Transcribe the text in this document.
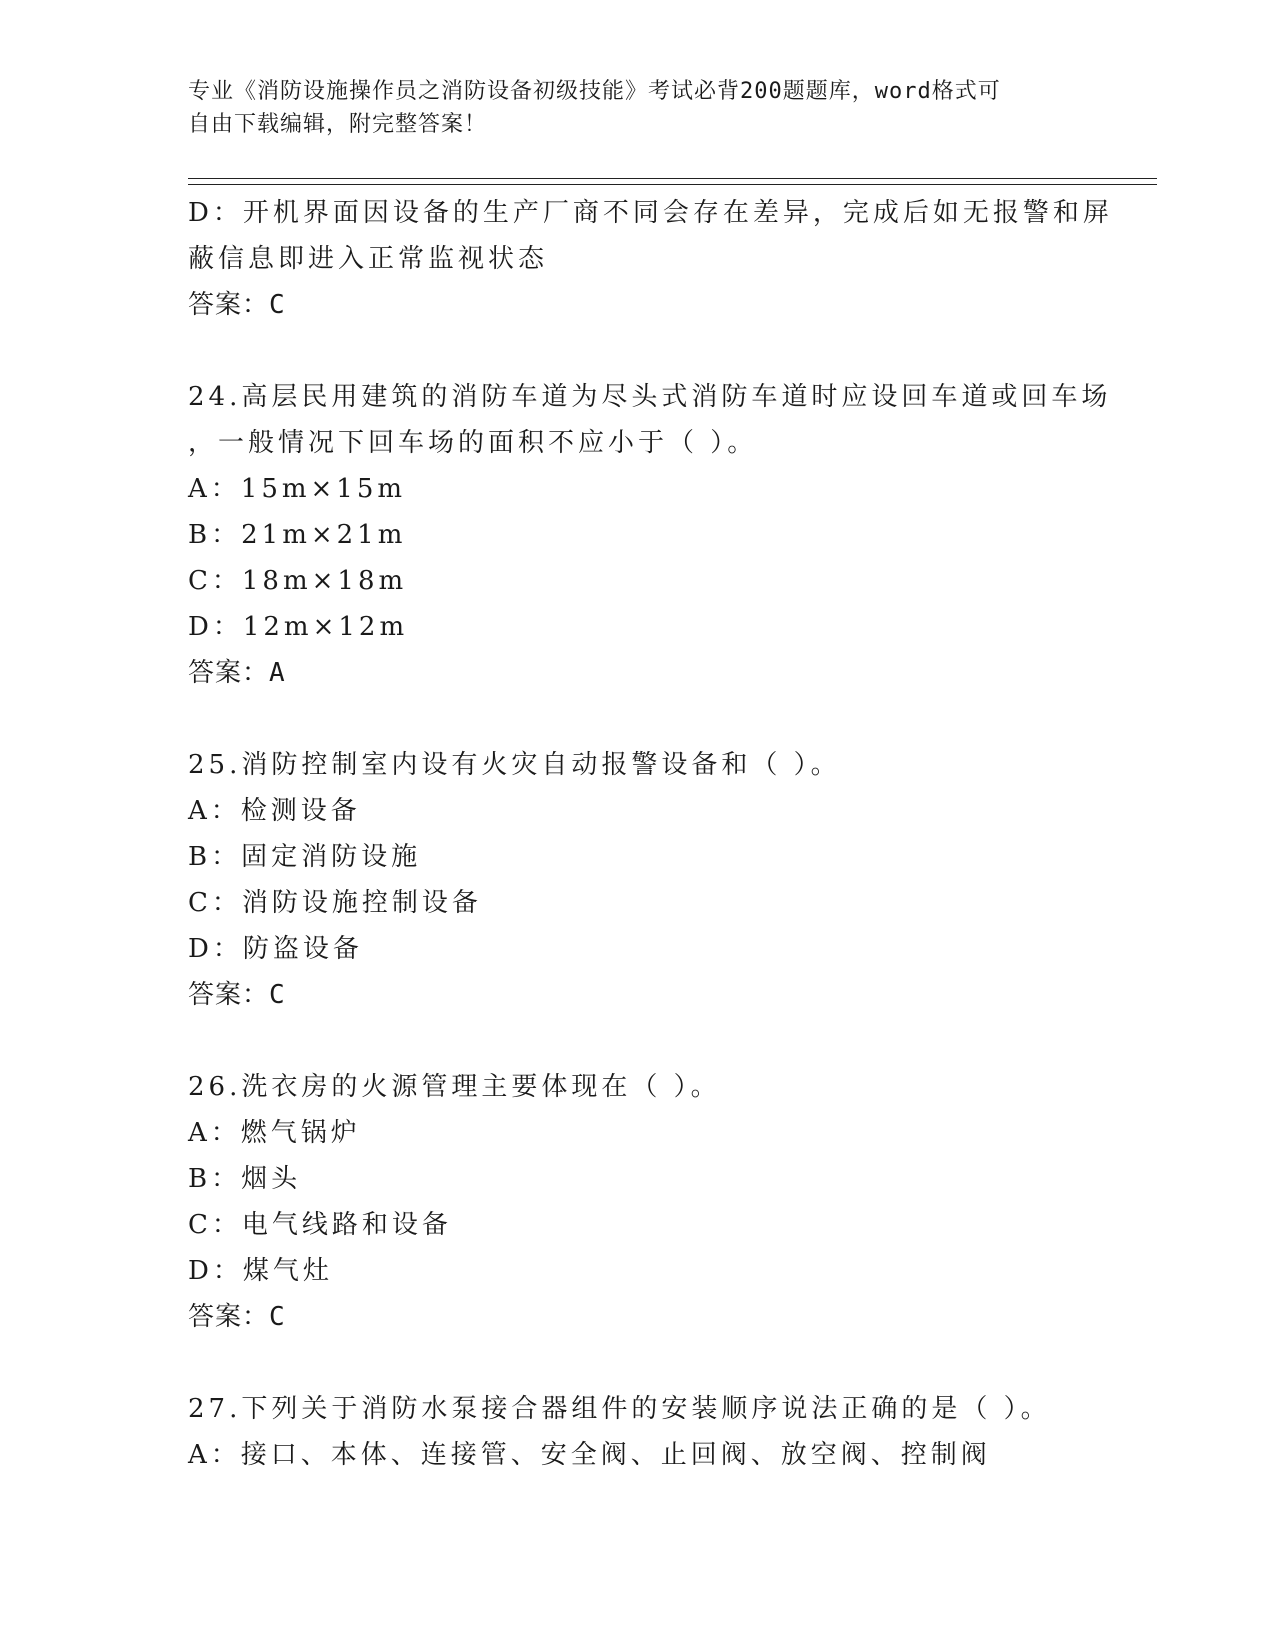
专业《消防设施操作员之消防设备初级技能》考试必背200题题库，word格式可
自由下载编辑，附完整答案！
D：开机界面因设备的生产厂商不同会存在差异，完成后如无报警和屏
蔽信息即进入正常监视状态
答案：C
24.高层民用建筑的消防车道为尽头式消防车道时应设回车道或回车场
，一般情况下回车场的面积不应小于（ ）。
A：15m×15m
B：21m×21m
C：18m×18m
D：12m×12m
答案：A
25.消防控制室内设有火灾自动报警设备和（ ）。
A：检测设备
B：固定消防设施
C：消防设施控制设备
D：防盗设备
答案：C
26.洗衣房的火源管理主要体现在（ ）。
A：燃气锅炉
B：烟头
C：电气线路和设备
D：煤气灶
答案：C
27.下列关于消防水泵接合器组件的安装顺序说法正确的是（ ）。
A：接口、本体、连接管、安全阀、止回阀、放空阀、控制阀
